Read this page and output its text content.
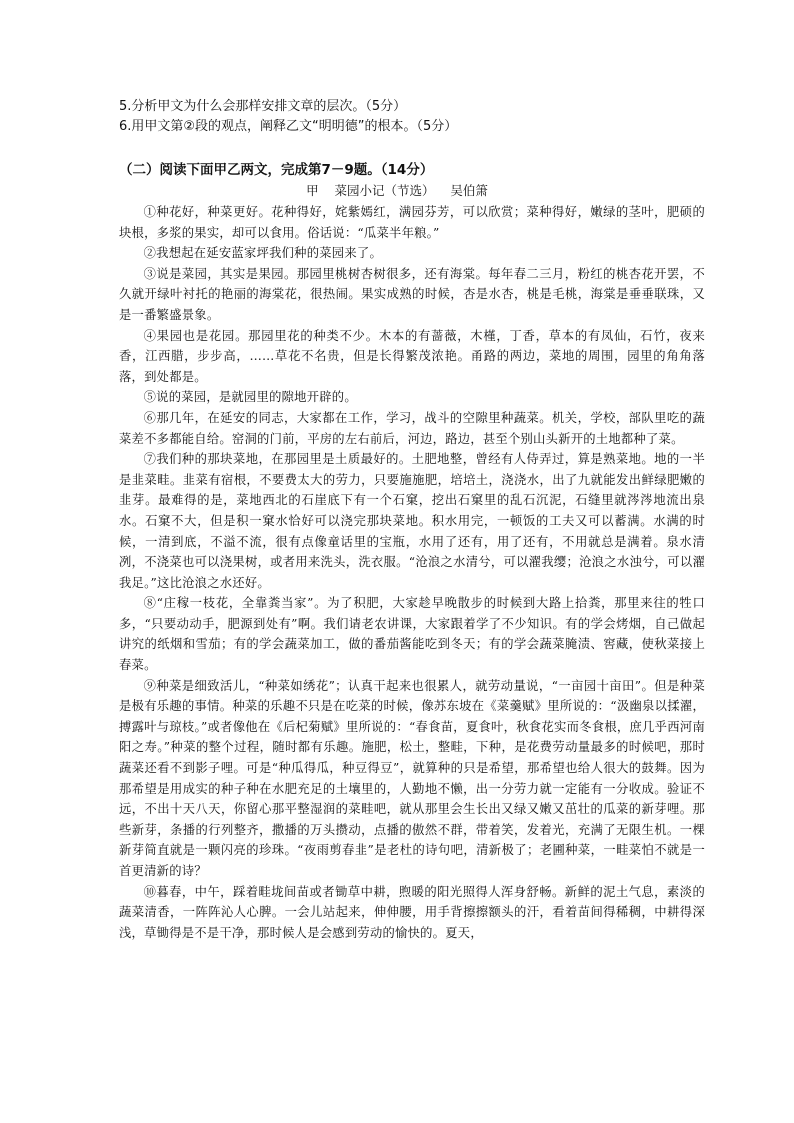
5.分析甲文为什么会那样安排文章的层次。（5分）
6.用甲文第②段的观点，阐释乙文“明明德”的根本。（5分）
（二）阅读下面甲乙两文，完成第7－9题。（14分）
甲 菜园小记（节选） 吴伯箫

①种花好，种菜更好。花种得好，姹紫嫣红，满园芬芳，可以欣赏；菜种得好，嫩绿的茎叶，肥硕的块根，多浆的果实，却可以食用。俗话说：“瓜菜半年粮。”

②我想起在延安蓝家坪我们种的菜园来了。

③说是菜园，其实是果园。那园里桃树杏树很多，还有海棠。每年春二三月，粉红的桃杏花开罢，不久就开绿叶衬托的艳丽的海棠花，很热闹。果实成熟的时候，杏是水杏，桃是毛桃，海棠是垂垂联珠，又是一番繁盛景象。

④果园也是花园。那园里花的种类不少。木本的有蔷薇，木槿，丁香，草本的有凤仙，石竹，夜来香，江西腊，步步高，……草花不名贵，但是长得繁茂浓艳。甬路的两边，菜地的周围，园里的角角落落，到处都是。

⑤说的菜园，是就园里的隙地开辟的。

⑥那几年，在延安的同志，大家都在工作，学习，战斗的空隙里种蔬菜。机关，学校，部队里吃的蔬菜差不多都能自给。窑洞的门前，平房的左右前后，河边，路边，甚至个别山头新开的土地都种了菜。

⑦我们种的那块菜地，在那园里是土质最好的。土肥地整，曾经有人侍弄过，算是熟菜地。地的一半是韭菜畦。韭菜有宿根，不要费太大的劳力，只要施施肥，培培土，浇浇水，出了九就能发出鲜绿肥嫩的韭芽。最难得的是，菜地西北的石崖底下有一个石窠，挖出石窠里的乱石沉泥，石缝里就涔涔地流出泉水。石窠不大，但是积一窠水恰好可以浇完那块菜地。积水用完，一顿饭的工夫又可以蓄满。水满的时候，一清到底，不溢不流，很有点像童话里的宝瓶，水用了还有，用了还有，不用就总是满着。泉水清冽，不浇菜也可以浇果树，或者用来洗头，洗衣服。“沧浪之水清兮，可以濯我缨；沧浪之水浊兮，可以濯我足。”这比沧浪之水还好。

⑧“庄稼一枝花，全靠粪当家”。为了积肥，大家趁早晚散步的时候到大路上拾粪，那里来往的牲口多，“只要动动手，肥源到处有”啊。我们请老农讲课，大家跟着学了不少知识。有的学会烤烟，自己做起讲究的纸烟和雪茄；有的学会蔬菜加工，做的番茄酱能吃到冬天；有的学会蔬菜腌渍、窖藏，使秋菜接上春菜。

⑨种菜是细致活儿，“种菜如绣花”；认真干起来也很累人，就劳动量说，“一亩园十亩田”。但是种菜是极有乐趣的事情。种菜的乐趣不只是在吃菜的时候，像苏东坡在《菜羹赋》里所说的：“汲幽泉以揉濯，搏露叶与琼枝。”或者像他在《后杞菊赋》里所说的：“春食苗，夏食叶，秋食花实而冬食根，庶几乎西河南阳之寿。”种菜的整个过程，随时都有乐趣。施肥，松土，整畦，下种，是花费劳动量最多的时候吧，那时蔬菜还看不到影子哩。可是“种瓜得瓜，种豆得豆”，就算种的只是希望，那希望也给人很大的鼓舞。因为那希望是用成实的种子种在水肥充足的土壤里的，人勤地不懒，出一分劳力就一定能有一分收成。验证不远，不出十天八天，你留心那平整湿润的菜畦吧，就从那里会生长出又绿又嫩又茁壮的瓜菜的新芽哩。那些新芽，条播的行列整齐，撒播的万头攒动，点播的傲然不群，带着笑，发着光，充满了无限生机。一棵新芽简直就是一颗闪亮的珍珠。“夜雨剪春韭”是老杜的诗句吧，清新极了；老圃种菜，一畦菜怕不就是一首更清新的诗？

⑩暮春，中午，踩着畦垅间苗或者锄草中耕，煦暖的阳光照得人浑身舒畅。新鲜的泥土气息，素淡的蔬菜清香，一阵阵沁人心脾。一会儿站起来，伸伸腰，用手背擦擦额头的汗，看着苗间得稀稠，中耕得深浅，草锄得是不是干净，那时候人是会感到劳动的愉快的。夏天，
